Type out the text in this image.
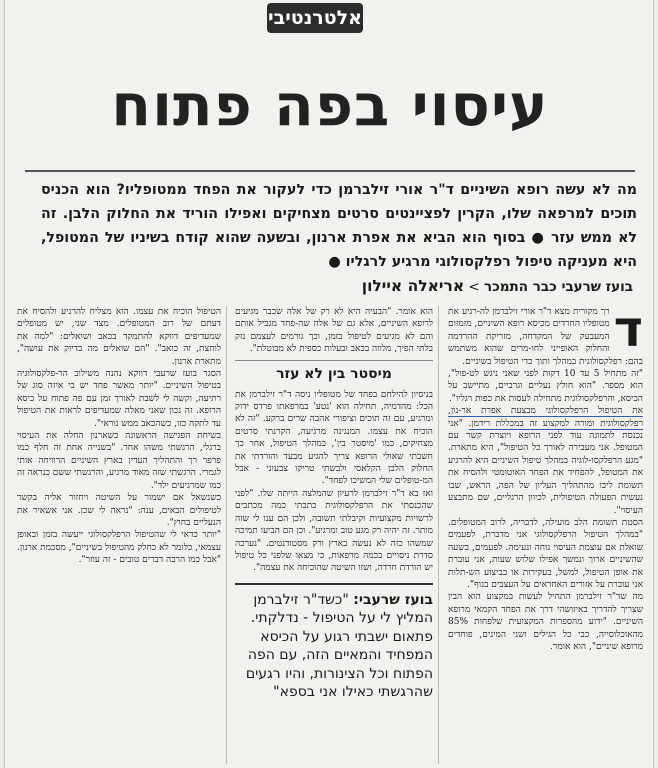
אלטרנטיבי
עיסוי בפה פתוח

מה לא עשה רופא השיניים ד"ר אורי זילברמן כדי לעקור את הפחד ממטופליו? הוא הכניס תוכים למרפאה שלו, הקרין לפציינטים סרטים מצחיקים ואפילו הוריד את החלוק הלבן. זה לא ממש עזר ● בסוף הוא הביא את אפרת ארנון, ובשעה שהוא קודח בשיניו של המטופל, היא מעניקה טיפול רפלקסולוגי מרגיע לרגליו ●

בועז שרעבי כבר התמכר > אריאלה איילון
ד

רך מקורית מצא ד"ר אורי זילברמן לה-רגיע את מטופליו החרדים מכיסא רופא השיניים, מזמזום המעבעק של המקדחה, מזריקת ההרדמה והחלוק האופייני לחו-מרים שהוא משתמש בהם: רפלקסולוגית במהלך ותוך כדי הטיפול בשיניים.

"זה מתחיל 5 עד 10 דקות לפני שאני ניגש לט-פול", הוא מספר. "הוא חולץ נעליים וגרביים, מתיישב על הכיסא, והרפלקסולוגית מתחילה לעסות את כפות רגליו".

את הטיפול הרפלקסולוגי מבצעת אפרת אר-נון, רפלקסולוגית ומורה למקצוע זה במכללת רידמן. "אני נכנסת לתמונה עוד לפני הרופא ויוצרת קשר עם המטופל. אני מעבירה לאורך כל הטיפול", היא מתארת. "מגע הרפלקסו-לוגיה במהלך טיפול השיניים היא להרגיע את המטופל, להפחיד את הפחד האוטומטי ולהסיח את תשומת ליבו מהתהליך העליון של הפה, הראש, שבו נעשית הפעולה הטיפולית, לכיוון הרגליים, שם מתבצע העיסוי".

הסטת תשומת הלב מועילה, לדבריה, לרוב המטופלים. "במהלך הטיפול הרפלקסולוגי אני מדברת, לפעמים שואלת אם עוצמת העיסוי נוחה ונעימה. לפעמים, בשעה שהשיניים ארוך ונמשך אפילו שלוש שעות, אני עוברת את אופן הטיפול, למשל, בעקירות או בביצוע הש-תלות אני עוברת על אזורים האחראים על העצבים בגוף".

מה שד"ר זילברמן התחיל לעשות במקצוע הוא הבין שצריך להדריך באיזושהי דרך את הפחד הקמאי מרופא השיניים. "ידוע מהספרות המקצועית שלפחות 85% מהאוכלוסייה, כבי כל הגילים ושני המינים, פוחדים מרופא שיניים", הוא אומר.

הוא אומר. "הבעיה היא לא רק של אלה שכבר מגיעים לרופא השיניים, אלא גם של אלה שה-פחד מגביל אותם והם לא מגיעים לטיפול בזמן, וכך גורמים לעצמם נזק בלתי הפיך, מלווה בכאב ובעלות כספית לא מבוטלת".

מיסטר בין לא עזר

בניסיון להילחם בפחד של מטופליו ניסה ד"ר זילברמן את הכל: מהדמיה, תחילה הוא 'נטע' במרפאתו פרדס ידוק ומרגיע, עם זה תוכים וציפורי אהבה שרים ברקע. "זה לא הוכיח את עצמו. המנגינה מרגיעה, הקרנתי סרטים מצחיקים, כמו 'מיסטר בין', במהלך הטיפול, אחר כך חשבתי שאולי הרופא צריך להגיע מבעד והורדתי את החלוק הלבן הקלאסי ולבשתי טריקו צבעוני - אבל המ-טופלים שלי המשיכו לפחד".

ואז בא ד"ר זילברמן לרעיון שהמלצה הייתה שלו. "לפני שהכנסתי את הרפלקסולוגית כתבתי כמה מכתבים לרשויות מקצועיות וקיבלתי תשובה, ולכן הם ענו לי שזה מותר. זה יהיה רק מגע טוב ומרגיע". וכן הם הביעו תמיכה שמשהו כזה לא נעשה בארץ ורק מסטודנטים. "נערכה סדרת ניסויים בכמה מרפאות, כי מצאו שלפני כל טיפול יש הורדת חרדה, ושזו השיטה שהוכיחה את עצמה".

בועז שרעבי: "כשד"ר זילברמן המליץ לי על הטיפול - נדלקתי. פתאום ישבתי רגוע על הכיסא המפחיד והמאיים הזה, עם הפה הפתוח וכל הצינורות, והיו רגעים שהרגשתי כאילו אני בספא"

הטיפול הוכיח את עצמו. הוא מצליח להרגיע ולהסיח את דעתם של רוב המטופלים. מצד שני, יש מטופלים שמעדיפים דווקא להתמקד בכאב ושואלים: "למה את לוחצת, זה כואב". "הם שואלים מה בדיוק את עושה", מתארת ארנון.

הסגר בועז שרעבי דווקא נהנה משילוב הר-פלקסולוגיה בטיפול השיניים. "יותר מאשר פחד יש בי איזה סוג של רתיעה, וקשה לי לשבת לאורך זמן עם פה פתוח על כיסא הרופא. זה נכון שאני מאלה שמעדיפים לראות את הטיפול עד לתקה כזו, כשהכאב ממש נוראי".

בשיחת הפגישה הראשונה כשארנון החלה את העיסוי ברגלי, הרגשתי משהו אחר. "בשנייה אחת זה חלף כמו פרפר רך והתהליך העדין בארץ השיניים הרוויחה אותי לגמרי. הרגשתי שזה מאוד מרגיע, והרגשתי ששם כנראה זה כמו שמרגיעים ילד".

כשנשאל אם ישמור על השיטה ויחזור אליה בקשר לטיפולים הבאים, ענה: "נראה לי שכן. אני אשאיר את הנעליים בחוץ".

"יותר כדאי לי שהטיפול הרפלקסולוגי ייעשה בזמן ובאופן עצמאי, כלומר לא כחלק מהטיפול בשיניים", מסכמת ארנון. "אבל כמו הרבה דברים טובים - זה עוזר".
